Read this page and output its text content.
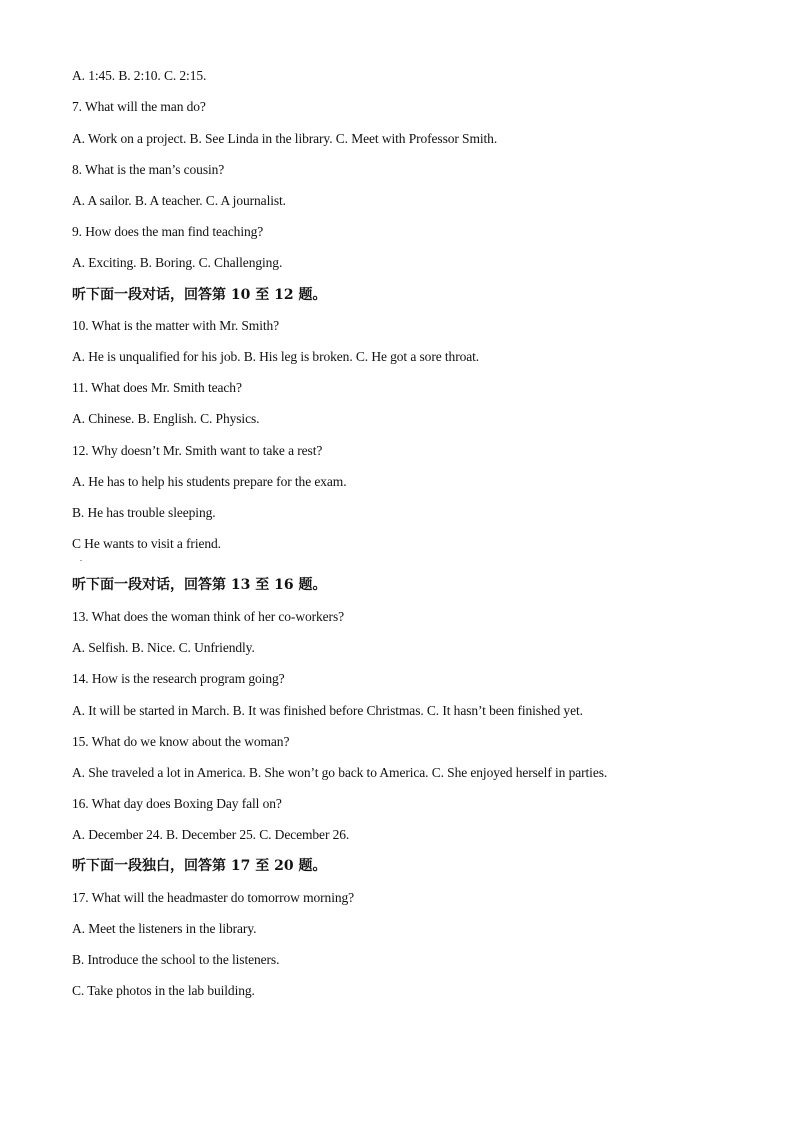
A. 1:45. B. 2:10. C. 2:15.
7. What will the man do?
A. Work on a project. B. See Linda in the library. C. Meet with Professor Smith.
8. What is the man’s cousin?
A. A sailor. B. A teacher. C. A journalist.
9. How does the man find teaching?
A. Exciting. B. Boring. C. Challenging.
听下面一段对话，回答第 10 至 12 题。
10. What is the matter with Mr. Smith?
A. He is unqualified for his job. B. His leg is broken. C. He got a sore throat.
11. What does Mr. Smith teach?
A. Chinese. B. English. C. Physics.
12. Why doesn’t Mr. Smith want to take a rest?
A. He has to help his students prepare for the exam.
B. He has trouble sleeping.
C He wants to visit a friend.
.
听下面一段对话，回答第 13 至 16 题。
13. What does the woman think of her co-workers?
A. Selfish. B. Nice. C. Unfriendly.
14. How is the research program going?
A. It will be started in March. B. It was finished before Christmas. C. It hasn’t been finished yet.
15. What do we know about the woman?
A. She traveled a lot in America. B. She won’t go back to America. C. She enjoyed herself in parties.
16. What day does Boxing Day fall on?
A. December 24. B. December 25. C. December 26.
听下面一段独白，回答第 17 至 20 题。
17. What will the headmaster do tomorrow morning?
A. Meet the listeners in the library.
B. Introduce the school to the listeners.
C. Take photos in the lab building.
